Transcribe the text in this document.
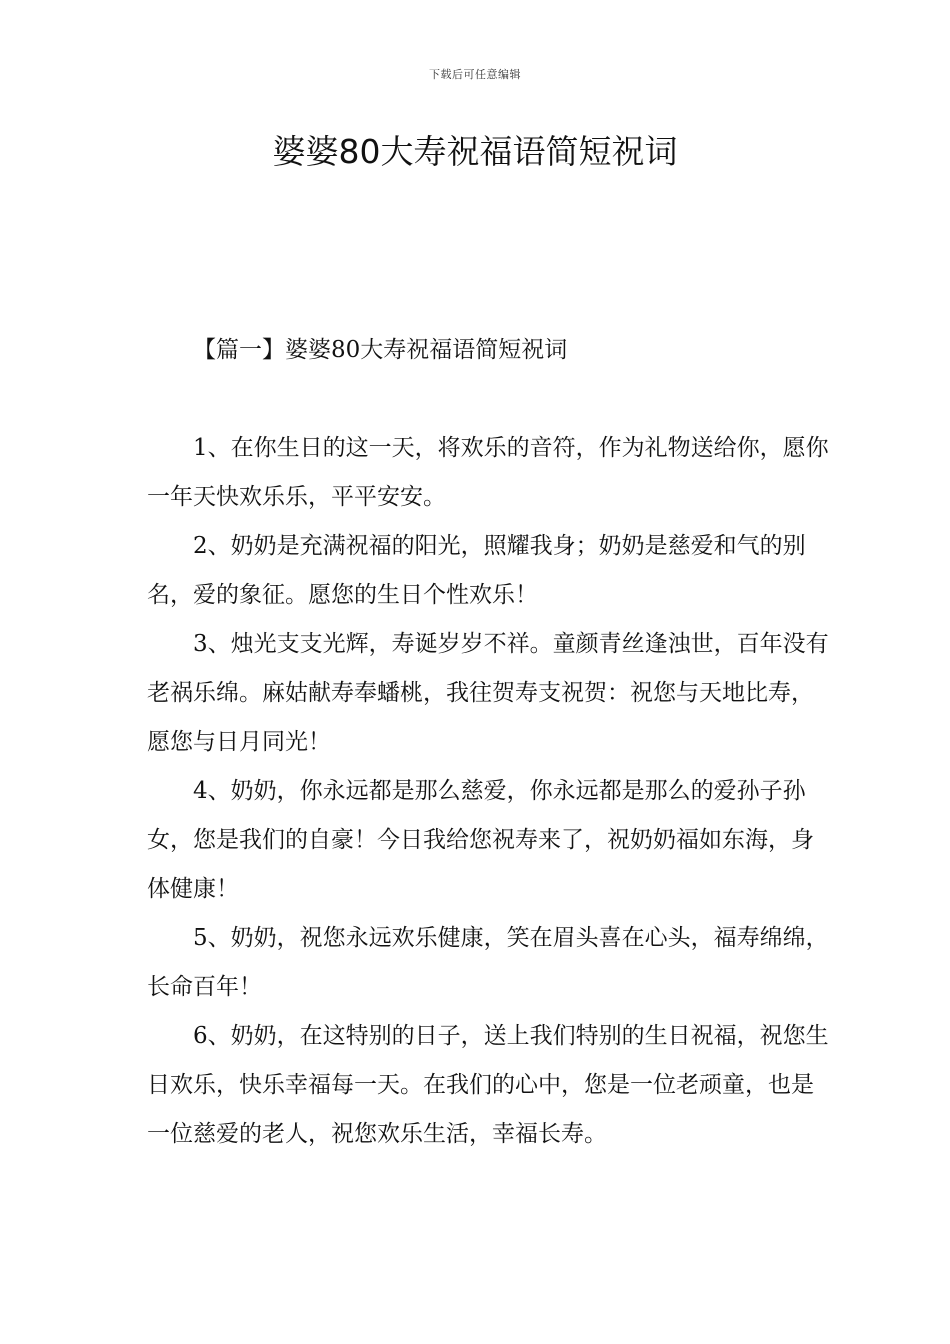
下载后可任意编辑
婆婆80大寿祝福语简短祝词
【篇一】婆婆80大寿祝福语简短祝词

1、在你生日的这一天，将欢乐的音符，作为礼物送给你，愿你一年天快欢乐乐，平平安安。

2、奶奶是充满祝福的阳光，照耀我身；奶奶是慈爱和气的别名，爱的象征。愿您的生日个性欢乐！

3、烛光支支光辉，寿诞岁岁不祥。童颜青丝逢浊世，百年没有老祸乐绵。麻姑献寿奉蟠桃，我往贺寿支祝贺：祝您与天地比寿，愿您与日月同光！

4、奶奶，你永远都是那么慈爱，你永远都是那么的爱孙子孙女，您是我们的自豪！今日我给您祝寿来了，祝奶奶福如东海，身体健康！

5、奶奶，祝您永远欢乐健康，笑在眉头喜在心头，福寿绵绵，长命百年！

6、奶奶，在这特别的日子，送上我们特别的生日祝福，祝您生日欢乐，快乐幸福每一天。在我们的心中，您是一位老顽童，也是一位慈爱的老人，祝您欢乐生活，幸福长寿。
